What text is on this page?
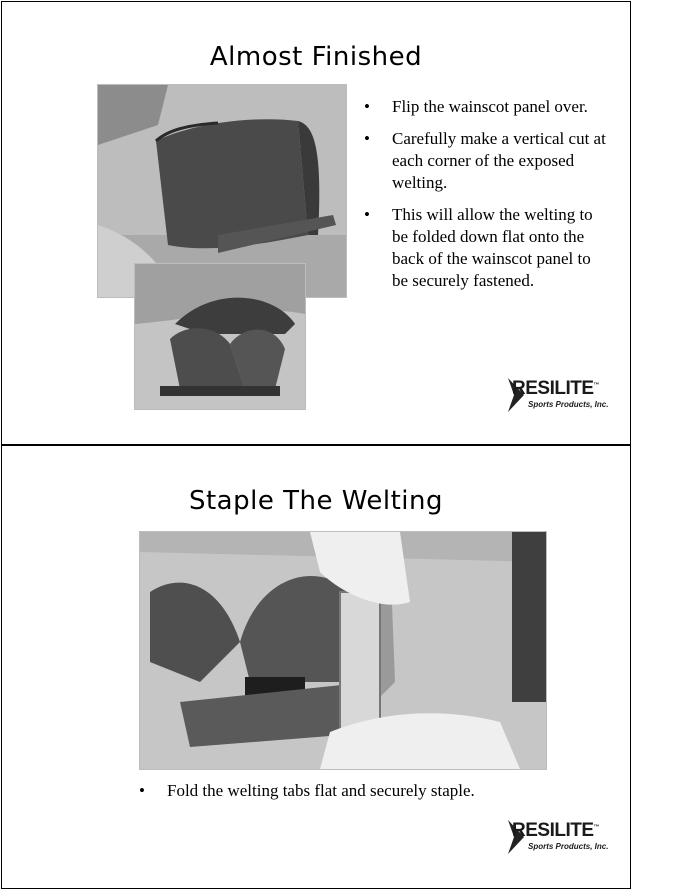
Almost Finished
• Flip the wainscot panel over.
• Carefully make a vertical cut at each corner of the exposed welting.
• This will allow the welting to be folded down flat onto the back of the wainscot panel to be securely fastened.
RESILITE™
Sports Products, Inc.
Staple The Welting
• Fold the welting tabs flat and securely staple.
RESILITE™
Sports Products, Inc.
